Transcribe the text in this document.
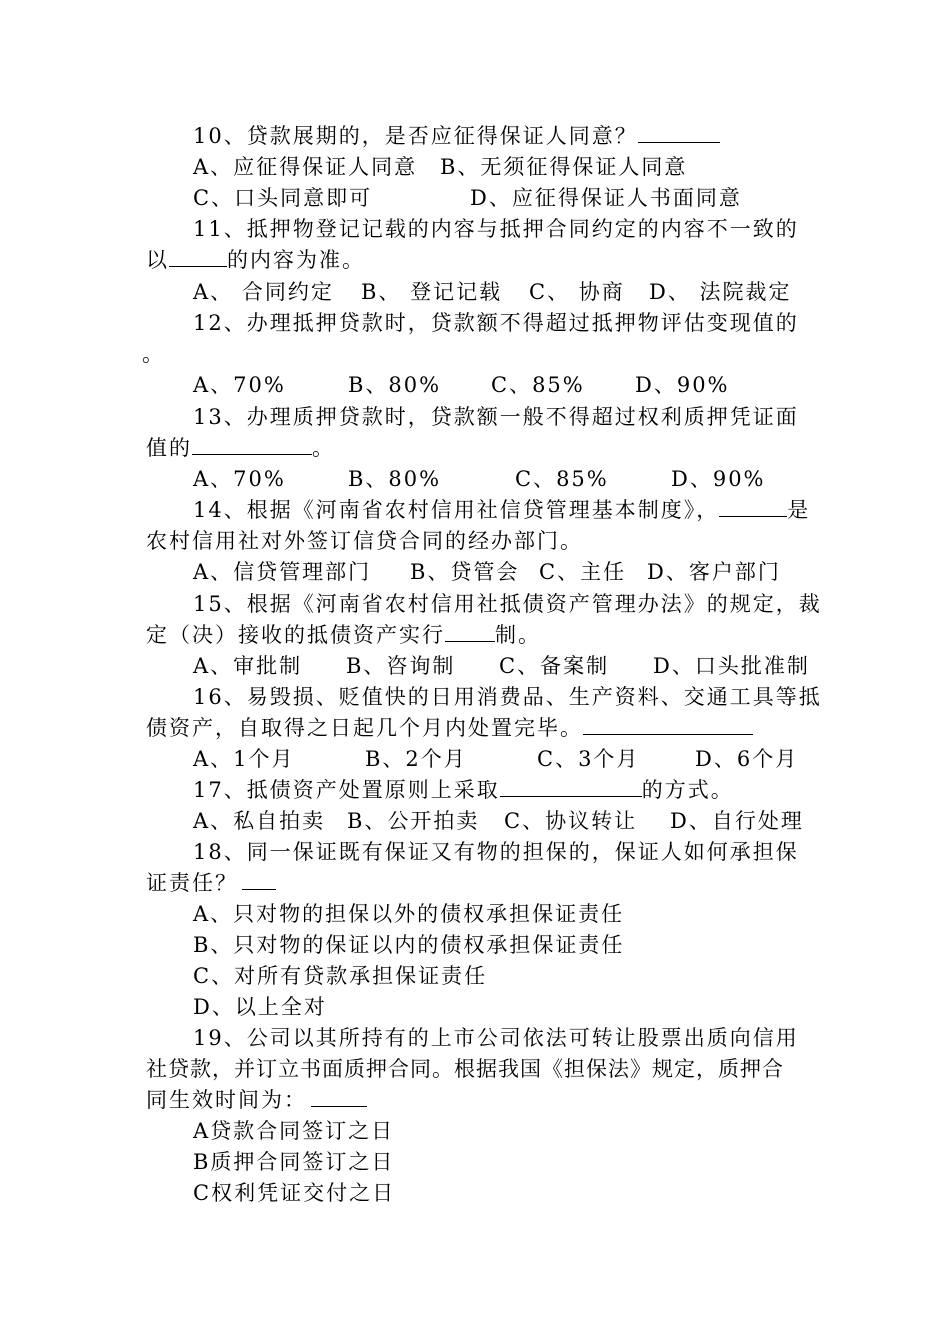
10、贷款展期的，是否应征得保证人同意？
A、应征得保证人同意 B、无须征得保证人同意
C、口头同意即可	D、应征得保证人书面同意
11、抵押物登记记载的内容与抵押合同约定的内容不一致的
以	的内容为准。
A、 合同约定 B、 登记记载 C、 协商 D、 法院裁定
12、办理抵押贷款时，贷款额不得超过抵押物评估变现值的
。
A、70%	B、80% C、85% D、90%
13、办理质押贷款时，贷款额一般不得超过权利质押凭证面
值的	。
A、70%	B、80%	C、85%	D、90%
14、根据《河南省农村信用社信贷管理基本制度》，	是
农村信用社对外签订信贷合同的经办部门。
A、信贷管理部门 B、贷管会 C、主任 D、客户部门
15、根据《河南省农村信用社抵债资产管理办法》的规定，裁
定（决）接收的抵债资产实行 制。
A、审批制 B、咨询制 C、备案制 D、口头批准制
16、易毁损、贬值快的日用消费品、生产资料、交通工具等抵
债资产，自取得之日起几个月内处置完毕。
A、1个月	B、2个月	C、3个月	D、6个月
17、抵债资产处置原则上采取	的方式。
A、私自拍卖 B、公开拍卖 C、协议转让 D、自行处理
18、同一保证既有保证又有物的担保的，保证人如何承担保
证责任？
A、只对物的担保以外的债权承担保证责任
B、只对物的保证以内的债权承担保证责任
C、对所有贷款承担保证责任
D、以上全对
19、公司以其所持有的上市公司依法可转让股票出质向信用
社贷款，并订立书面质押合同。根据我国《担保法》规定，质押合
同生效时间为：
A贷款合同签订之日
B质押合同签订之日
C权利凭证交付之日
